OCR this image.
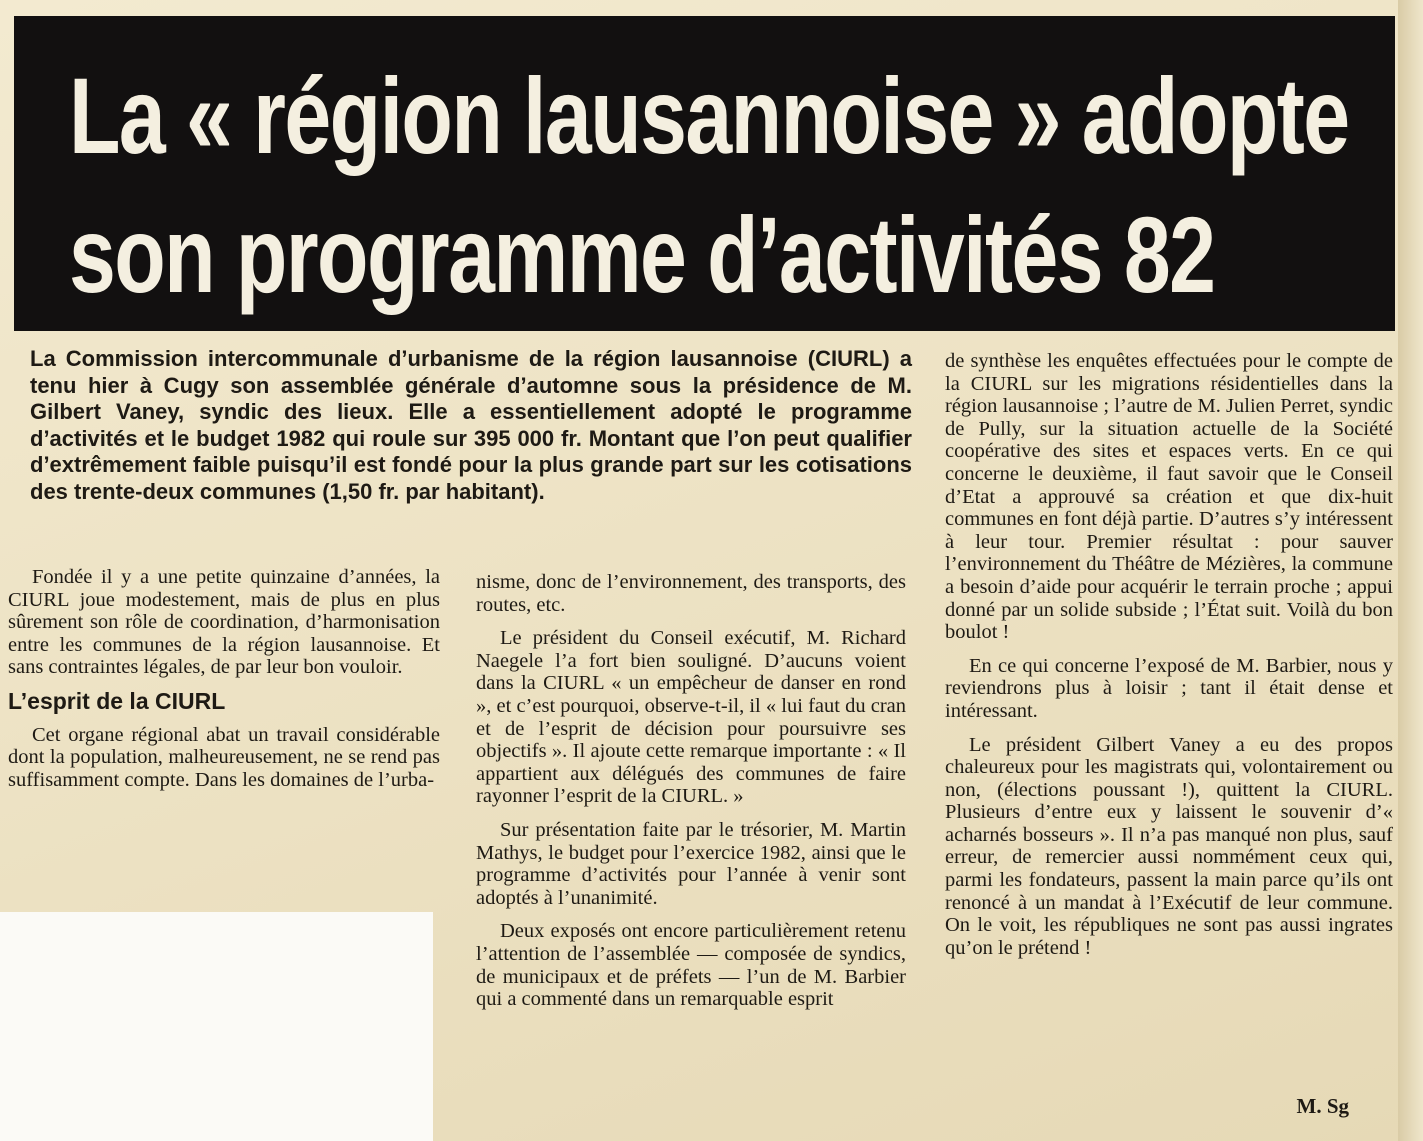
La « région lausannoise » adopte
son programme d’activités 82
La Commission intercommunale d’urbanisme de la région lausannoise (CIURL) a tenu hier à Cugy son assemblée générale d’automne sous la présidence de M. Gilbert Vaney, syndic des lieux. Elle a essentiellement adopté le programme d’activités et le budget 1982 qui roule sur 395 000 fr. Montant que l’on peut qualifier d’extrêmement faible puisqu’il est fondé pour la plus grande part sur les cotisations des trente-deux communes (1,50 fr. par habitant).

Fondée il y a une petite quinzaine d’années, la CIURL joue modestement, mais de plus en plus sûrement son rôle de coordination, d’harmonisation entre les communes de la région lausannoise. Et sans contraintes légales, de par leur bon vouloir.

L’esprit de la CIURL

Cet organe régional abat un travail considérable dont la population, malheureusement, ne se rend pas suffisamment compte. Dans les domaines de l’urba-

nisme, donc de l’environnement, des transports, des routes, etc.

Le président du Conseil exécutif, M. Richard Naegele l’a fort bien souligné. D’aucuns voient dans la CIURL « un empêcheur de danser en rond », et c’est pourquoi, observe-t-il, il « lui faut du cran et de l’esprit de décision pour poursuivre ses objectifs ». Il ajoute cette remarque importante : « Il appartient aux délégués des communes de faire rayonner l’esprit de la CIURL. »

Sur présentation faite par le trésorier, M. Martin Mathys, le budget pour l’exercice 1982, ainsi que le programme d’activités pour l’année à venir sont adoptés à l’unanimité.

Deux exposés ont encore particulièrement retenu l’attention de l’assemblée — composée de syndics, de municipaux et de préfets — l’un de M. Barbier qui a commenté dans un remarquable esprit

de synthèse les enquêtes effectuées pour le compte de la CIURL sur les migrations résidentielles dans la région lausannoise ; l’autre de M. Julien Perret, syndic de Pully, sur la situation actuelle de la Société coopérative des sites et espaces verts. En ce qui concerne le deuxième, il faut savoir que le Conseil d’Etat a approuvé sa création et que dix-huit communes en font déjà partie. D’autres s’y intéressent à leur tour. Premier résultat : pour sauver l’environnement du Théâtre de Mézières, la commune a besoin d’aide pour acquérir le terrain proche ; appui donné par un solide subside ; l’État suit. Voilà du bon boulot !

En ce qui concerne l’exposé de M. Barbier, nous y reviendrons plus à loisir ; tant il était dense et intéressant.

Le président Gilbert Vaney a eu des propos chaleureux pour les magistrats qui, volontairement ou non, (élections poussant !), quittent la CIURL. Plusieurs d’entre eux y laissent le souvenir d’« acharnés bosseurs ». Il n’a pas manqué non plus, sauf erreur, de remercier aussi nommément ceux qui, parmi les fondateurs, passent la main parce qu’ils ont renoncé à un mandat à l’Exécutif de leur commune. On le voit, les républiques ne sont pas aussi ingrates qu’on le prétend !

M. Sg
